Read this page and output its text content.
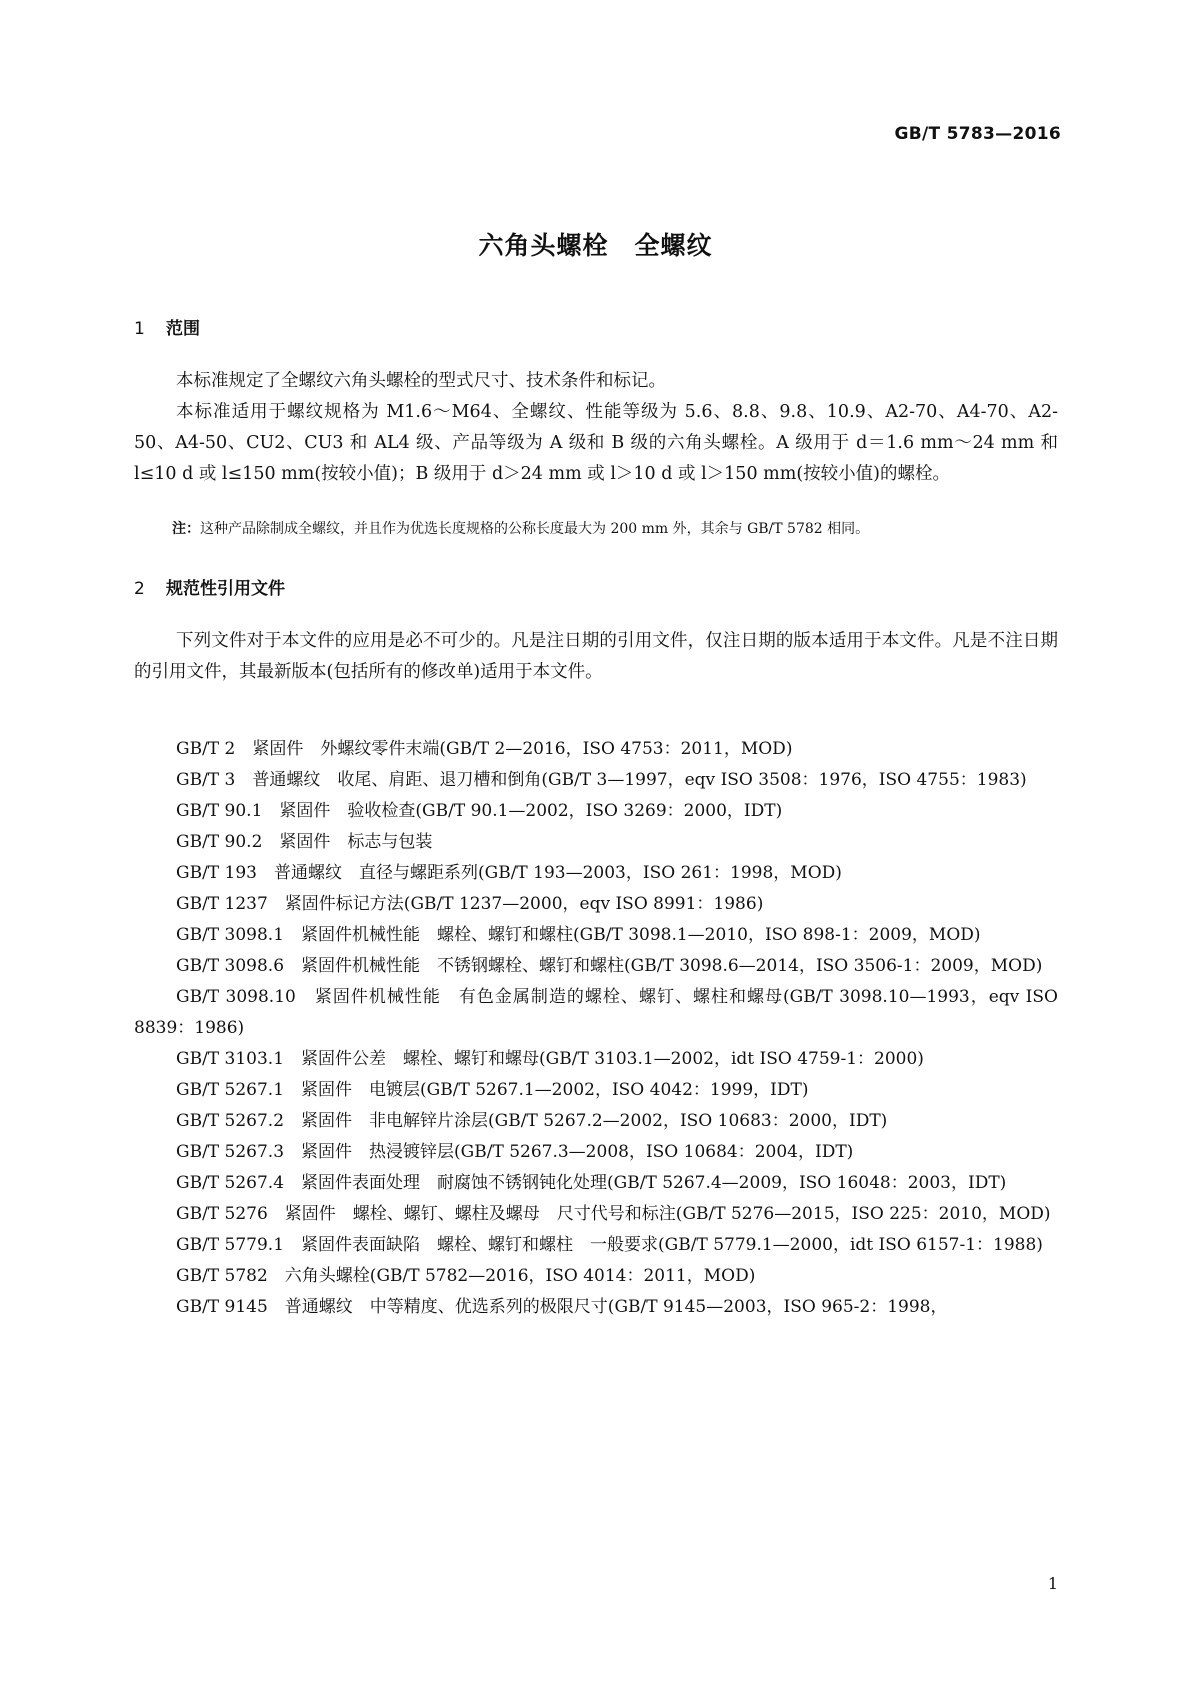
GB/T 5783—2016
六角头螺栓　全螺纹
1 范围
本标准规定了全螺纹六角头螺栓的型式尺寸、技术条件和标记。
本标准适用于螺纹规格为 M1.6～M64、全螺纹、性能等级为 5.6、8.8、9.8、10.9、A2-70、A4-70、A2-50、A4-50、CU2、CU3 和 AL4 级、产品等级为 A 级和 B 级的六角头螺栓。A 级用于 d＝1.6 mm～24 mm 和 l≤10 d 或 l≤150 mm(按较小值)；B 级用于 d＞24 mm 或 l＞10 d 或 l＞150 mm(按较小值)的螺栓。
注：这种产品除制成全螺纹，并且作为优选长度规格的公称长度最大为 200 mm 外，其余与 GB/T 5782 相同。
2 规范性引用文件
下列文件对于本文件的应用是必不可少的。凡是注日期的引用文件，仅注日期的版本适用于本文件。凡是不注日期的引用文件，其最新版本(包括所有的修改单)适用于本文件。
GB/T 2　紧固件　外螺纹零件末端(GB/T 2—2016，ISO 4753：2011，MOD)
GB/T 3　普通螺纹　收尾、肩距、退刀槽和倒角(GB/T 3—1997，eqv ISO 3508：1976，ISO 4755：1983)
GB/T 90.1　紧固件　验收检查(GB/T 90.1—2002，ISO 3269：2000，IDT)
GB/T 90.2　紧固件　标志与包装
GB/T 193　普通螺纹　直径与螺距系列(GB/T 193—2003，ISO 261：1998，MOD)
GB/T 1237　紧固件标记方法(GB/T 1237—2000，eqv ISO 8991：1986)
GB/T 3098.1　紧固件机械性能　螺栓、螺钉和螺柱(GB/T 3098.1—2010，ISO 898-1：2009，MOD)
GB/T 3098.6　紧固件机械性能　不锈钢螺栓、螺钉和螺柱(GB/T 3098.6—2014，ISO 3506-1：2009，MOD)
GB/T 3098.10　紧固件机械性能　有色金属制造的螺栓、螺钉、螺柱和螺母(GB/T 3098.10—1993，eqv ISO 8839：1986)
GB/T 3103.1　紧固件公差　螺栓、螺钉和螺母(GB/T 3103.1—2002，idt ISO 4759-1：2000)
GB/T 5267.1　紧固件　电镀层(GB/T 5267.1—2002，ISO 4042：1999，IDT)
GB/T 5267.2　紧固件　非电解锌片涂层(GB/T 5267.2—2002，ISO 10683：2000，IDT)
GB/T 5267.3　紧固件　热浸镀锌层(GB/T 5267.3—2008，ISO 10684：2004，IDT)
GB/T 5267.4　紧固件表面处理　耐腐蚀不锈钢钝化处理(GB/T 5267.4—2009，ISO 16048：2003，IDT)
GB/T 5276　紧固件　螺栓、螺钉、螺柱及螺母　尺寸代号和标注(GB/T 5276—2015，ISO 225：2010，MOD)
GB/T 5779.1　紧固件表面缺陷　螺栓、螺钉和螺柱　一般要求(GB/T 5779.1—2000，idt ISO 6157-1：1988)
GB/T 5782　六角头螺栓(GB/T 5782—2016，ISO 4014：2011，MOD)
GB/T 9145　普通螺纹　中等精度、优选系列的极限尺寸(GB/T 9145—2003，ISO 965-2：1998，
1
